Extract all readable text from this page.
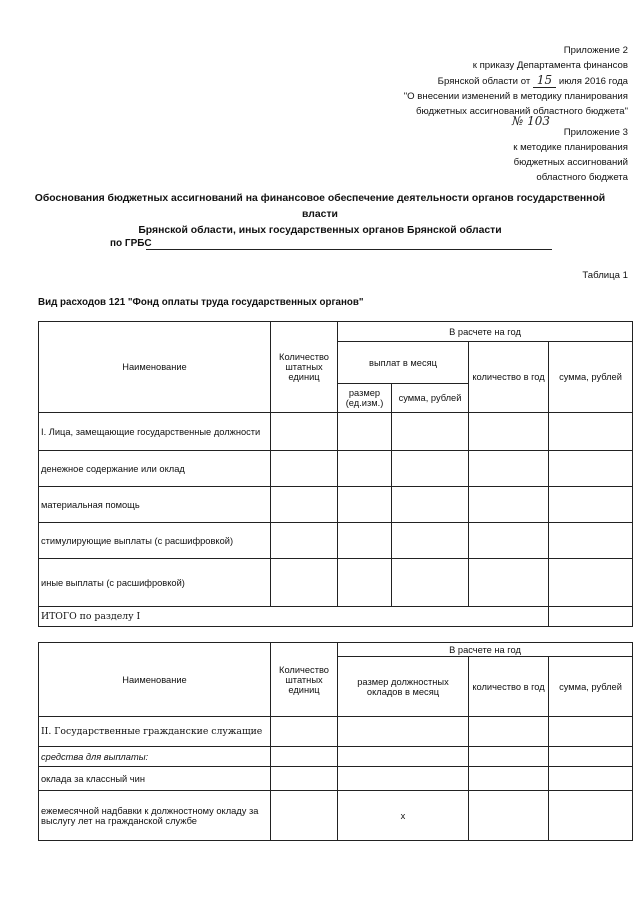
Приложение 2
к приказу Департамента финансов
Брянской области от 15 июля 2016 года
"О внесении изменений в методику планирования
бюджетных ассигнований областного бюджета"
№ 103
Приложение 3
к методике планирования
бюджетных ассигнований
областного бюджета
Обоснования бюджетных ассигнований на финансовое обеспечение деятельности органов государственной власти
Брянской области, иных государственных органов Брянской области
по ГРБС
Таблица 1
Вид расходов 121 "Фонд оплаты труда государственных органов"
Наименование	Количество штатных единиц	В расчете на год			
		выплат в месяц		количество в год	сумма, рублей
		размер (ед.изм.)	сумма, рублей		
I. Лица, замещающие государственные должности					
денежное содержание или оклад					
материальная помощь					
стимулирующие выплаты (с расшифровкой)					
иные выплаты (с расшифровкой)					
ИТОГО по разделу I					
Наименование	Количество штатных единиц	В расчете на год		
		размер должностных окладов в месяц	количество в год	сумма, рублей
II. Государственные гражданские служащие				
средства для выплаты:				
оклада за классный чин				
ежемесячной надбавки к должностному окладу за выслугу лет на гражданской службе		x		
